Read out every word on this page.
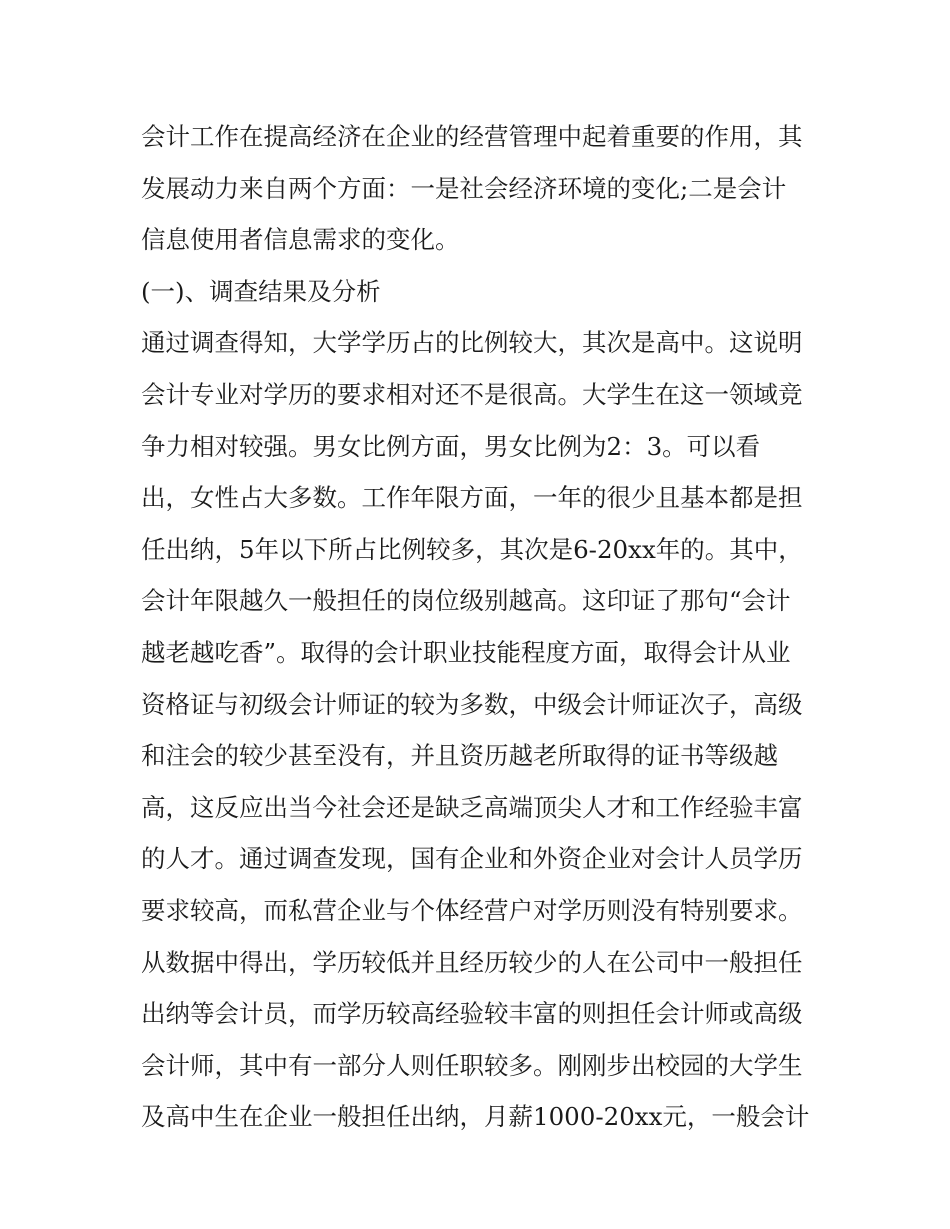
会计工作在提高经济在企业的经营管理中起着重要的作用，其
发展动力来自两个方面：一是社会经济环境的变化;二是会计
信息使用者信息需求的变化。
(一)、调查结果及分析
通过调查得知，大学学历占的比例较大，其次是高中。这说明
会计专业对学历的要求相对还不是很高。大学生在这一领域竞
争力相对较强。男女比例方面，男女比例为2：3。可以看
出，女性占大多数。工作年限方面，一年的很少且基本都是担
任出纳，5年以下所占比例较多，其次是6-20xx年的。其中，
会计年限越久一般担任的岗位级别越高。这印证了那句“会计
越老越吃香”。取得的会计职业技能程度方面，取得会计从业
资格证与初级会计师证的较为多数，中级会计师证次子，高级
和注会的较少甚至没有，并且资历越老所取得的证书等级越
高，这反应出当今社会还是缺乏高端顶尖人才和工作经验丰富
的人才。通过调查发现，国有企业和外资企业对会计人员学历
要求较高，而私营企业与个体经营户对学历则没有特别要求。
从数据中得出，学历较低并且经历较少的人在公司中一般担任
出纳等会计员，而学历较高经验较丰富的则担任会计师或高级
会计师，其中有一部分人则任职较多。刚刚步出校园的大学生
及高中生在企业一般担任出纳，月薪1000-20xx元，一般会计
